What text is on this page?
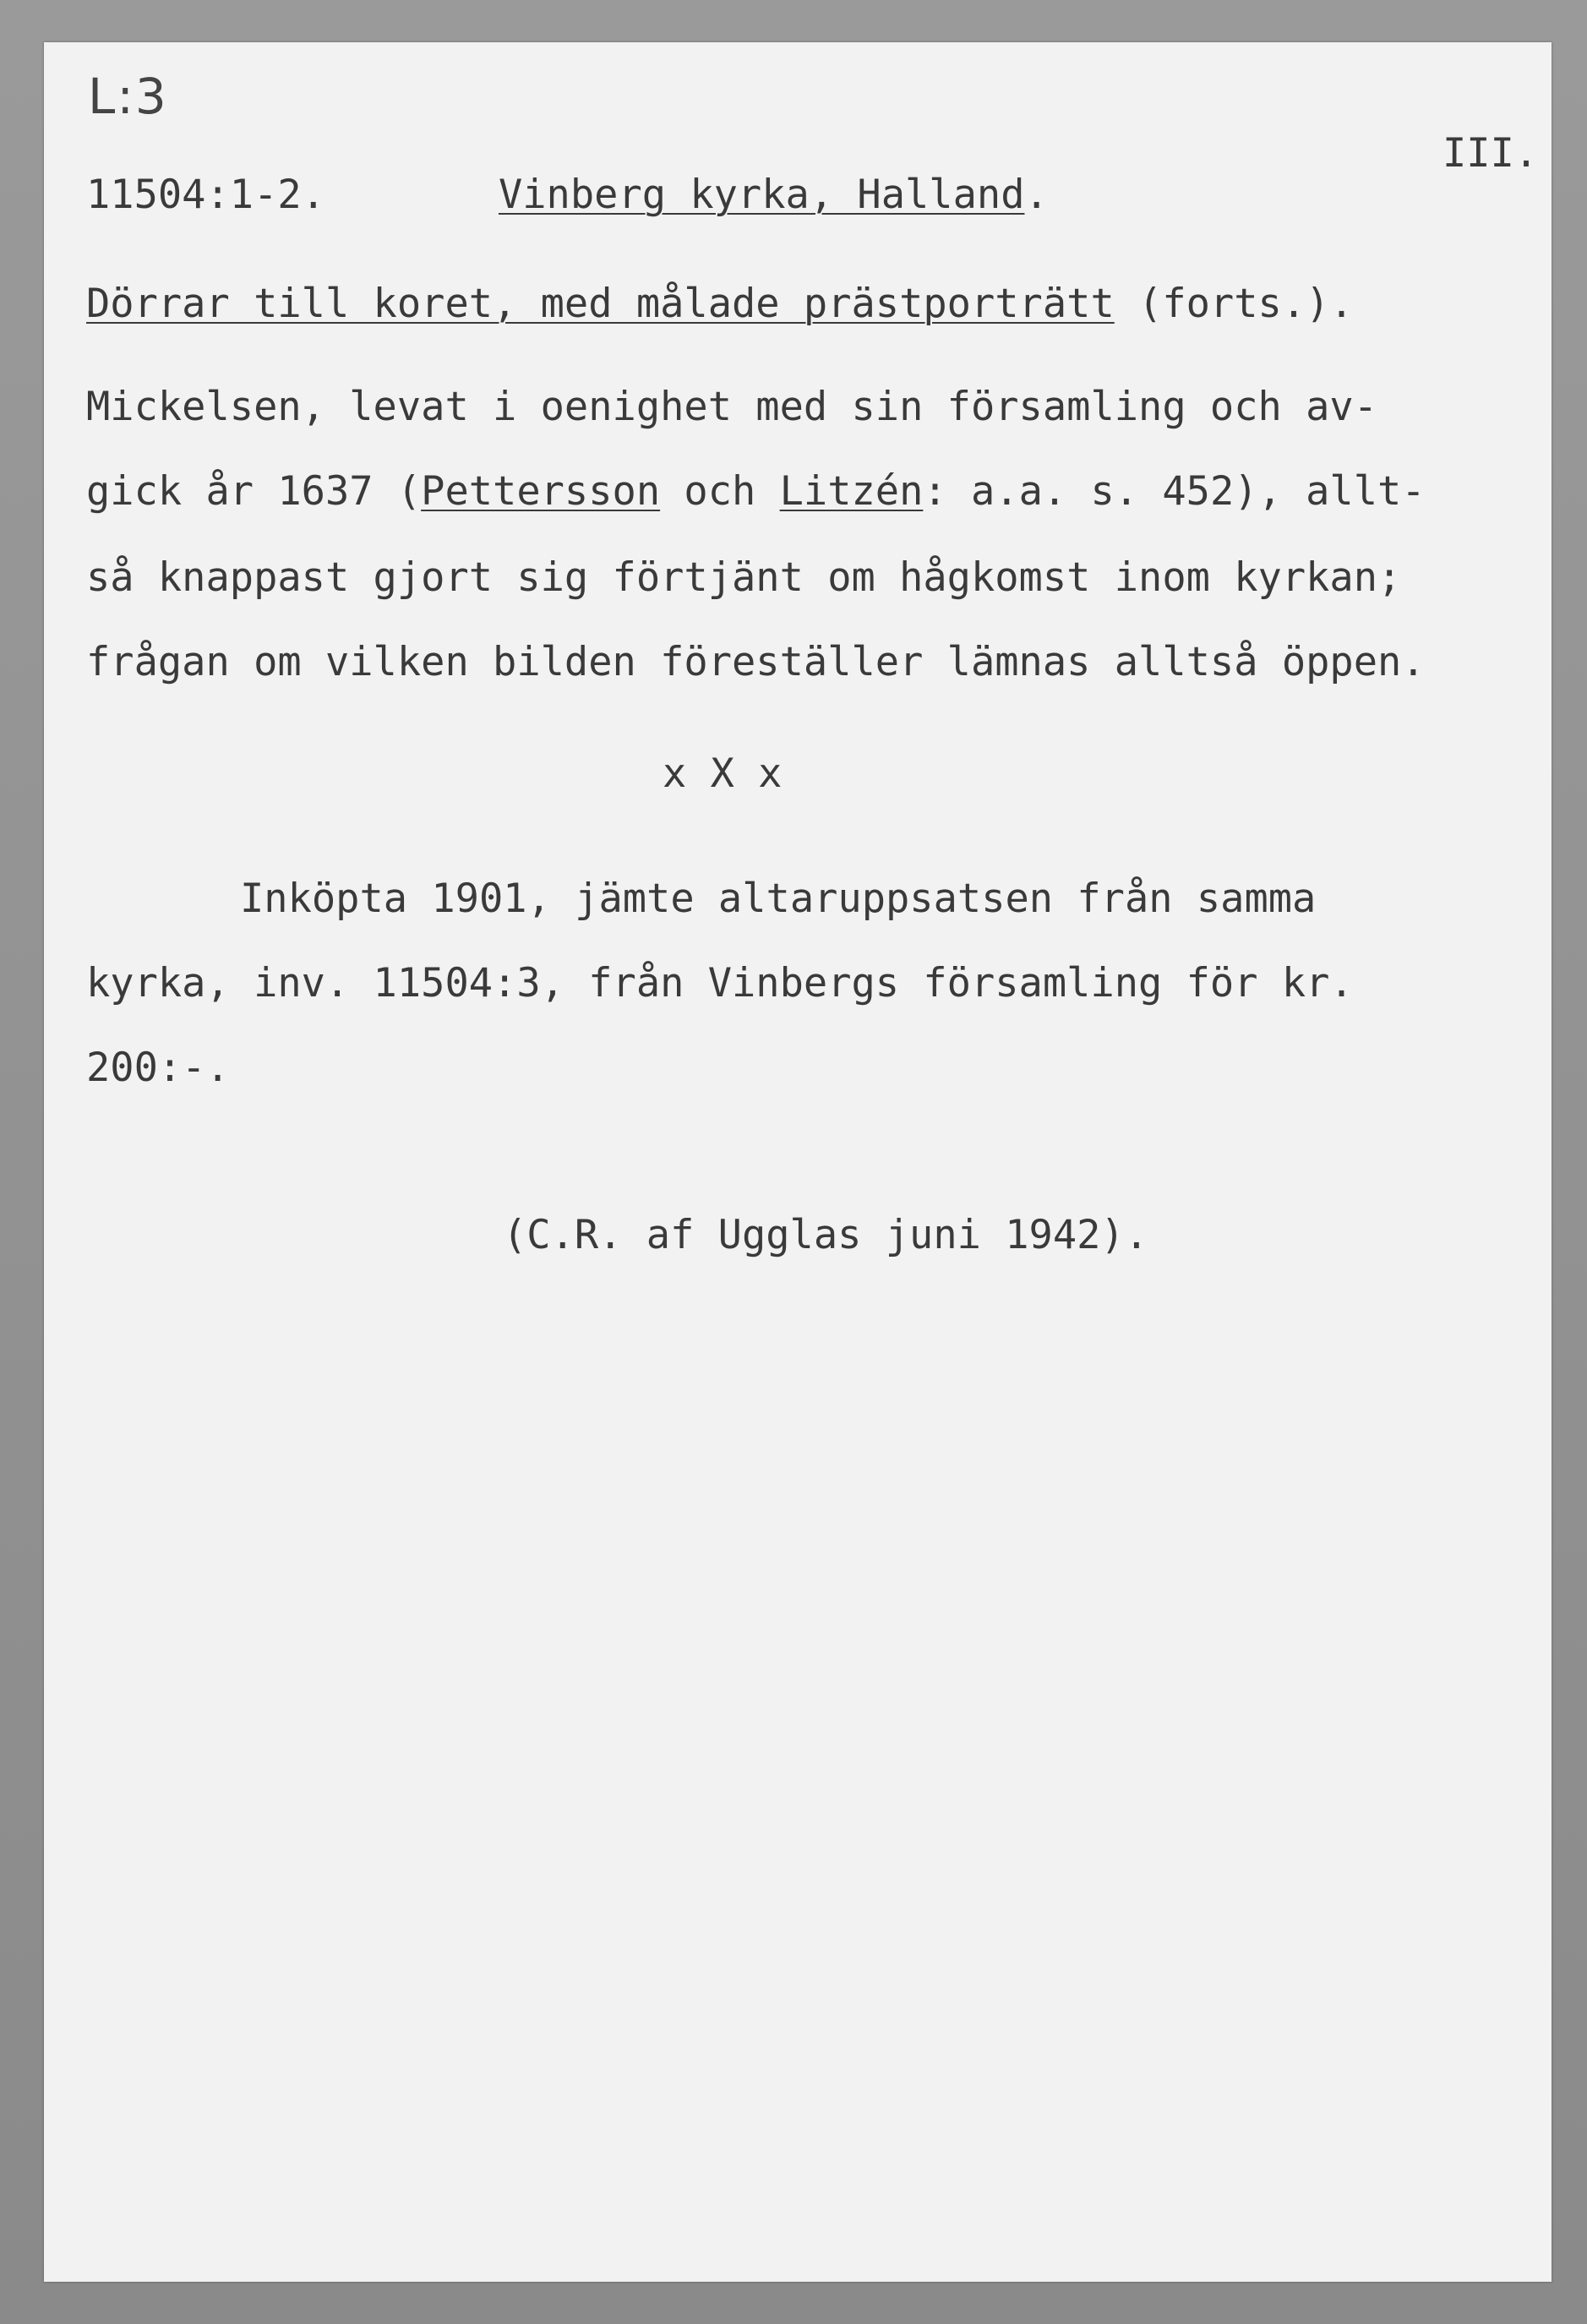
L:3
III.
11504:1-2.	Vinberg kyrka, Halland.
Dörrar till koret, med målade prästporträtt (forts.).
Mickelsen, levat i oenighet med sin församling och av-
gick år 1637 (Pettersson och Litzén: a.a. s. 452), allt-
så knappast gjort sig förtjänt om hågkomst inom kyrkan;
frågan om vilken bilden föreställer lämnas alltså öppen.
x X x
Inköpta 1901, jämte altaruppsatsen från samma
kyrka, inv. 11504:3, från Vinbergs församling för kr.
200:-.
(C.R. af Ugglas juni 1942).
